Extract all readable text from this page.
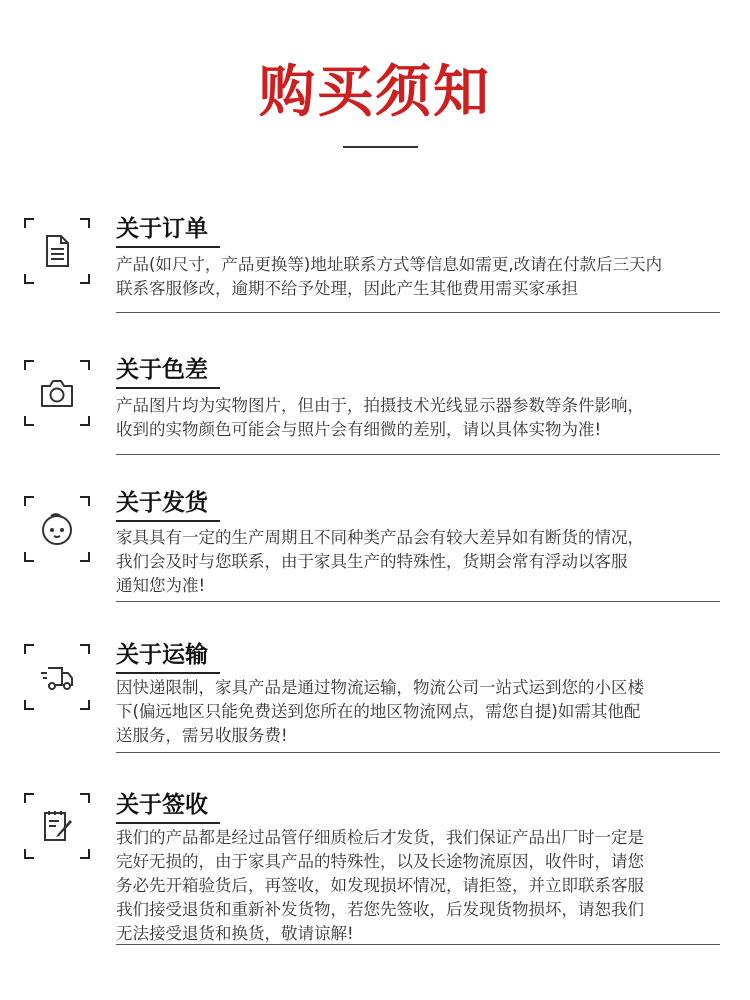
购买须知
关于订单
产品(如尺寸，产品更换等)地址联系方式等信息如需更,改请在付款后三天内
联系客服修改，逾期不给予处理，因此产生其他费用需买家承担
关于色差
产品图片均为实物图片，但由于，拍摄技术光线显示器参数等条件影响，
收到的实物颜色可能会与照片会有细微的差别，请以具体实物为准!
关于发货
家具具有一定的生产周期且不同种类产品会有较大差异如有断货的情况，
我们会及时与您联系，由于家具生产的特殊性，货期会常有浮动以客服
通知您为准!
关于运输
因快递限制，家具产品是通过物流运输，物流公司一站式运到您的小区楼
下(偏远地区只能免费送到您所在的地区物流网点，需您自提)如需其他配
送服务，需另收服务费!
关于签收
我们的产品都是经过品管仔细质检后才发货，我们保证产品出厂时一定是
完好无损的，由于家具产品的特殊性，以及长途物流原因，收件时，请您
务必先开箱验货后，再签收，如发现损坏情况，请拒签，并立即联系客服
我们接受退货和重新补发货物，若您先签收，后发现货物损坏，请恕我们
无法接受退货和换货，敬请谅解!
